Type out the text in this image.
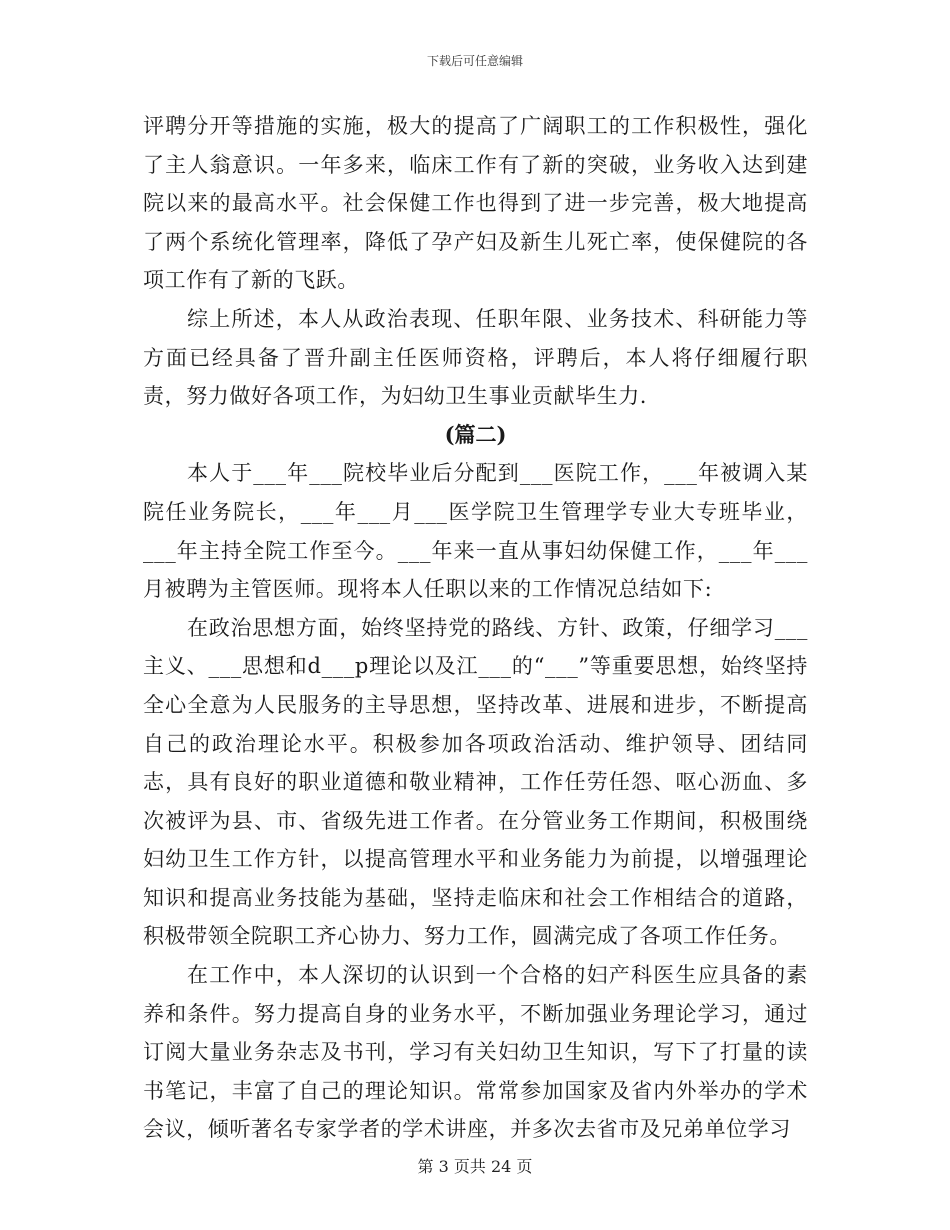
下载后可任意编辑

评聘分开等措施的实施，极大的提高了广阔职工的工作积极性，强化了主人翁意识。一年多来，临床工作有了新的突破，业务收入达到建院以来的最高水平。社会保健工作也得到了进一步完善，极大地提高了两个系统化管理率，降低了孕产妇及新生儿死亡率，使保健院的各项工作有了新的飞跃。

综上所述，本人从政治表现、任职年限、业务技术、科研能力等方面已经具备了晋升副主任医师资格，评聘后，本人将仔细履行职责，努力做好各项工作，为妇幼卫生事业贡献毕生力.

(篇二)

本人于___年___院校毕业后分配到___医院工作，___年被调入某院任业务院长，___年___月___医学院卫生管理学专业大专班毕业，___年主持全院工作至今。___年来一直从事妇幼保健工作，___年___月被聘为主管医师。现将本人任职以来的工作情况总结如下:

在政治思想方面，始终坚持党的路线、方针、政策，仔细学习___主义、___思想和d___p理论以及江___的“___”等重要思想，始终坚持全心全意为人民服务的主导思想，坚持改革、进展和进步，不断提高自己的政治理论水平。积极参加各项政治活动、维护领导、团结同志，具有良好的职业道德和敬业精神，工作任劳任怨、呕心沥血、多次被评为县、市、省级先进工作者。在分管业务工作期间，积极围绕妇幼卫生工作方针，以提高管理水平和业务能力为前提，以增强理论知识和提高业务技能为基础，坚持走临床和社会工作相结合的道路，积极带领全院职工齐心协力、努力工作，圆满完成了各项工作任务。

在工作中，本人深切的认识到一个合格的妇产科医生应具备的素养和条件。努力提高自身的业务水平，不断加强业务理论学习，通过订阅大量业务杂志及书刊，学习有关妇幼卫生知识，写下了打量的读书笔记，丰富了自己的理论知识。常常参加国家及省内外举办的学术会议，倾听著名专家学者的学术讲座，并多次去省市及兄弟单位学习

第 3 页共 24 页
